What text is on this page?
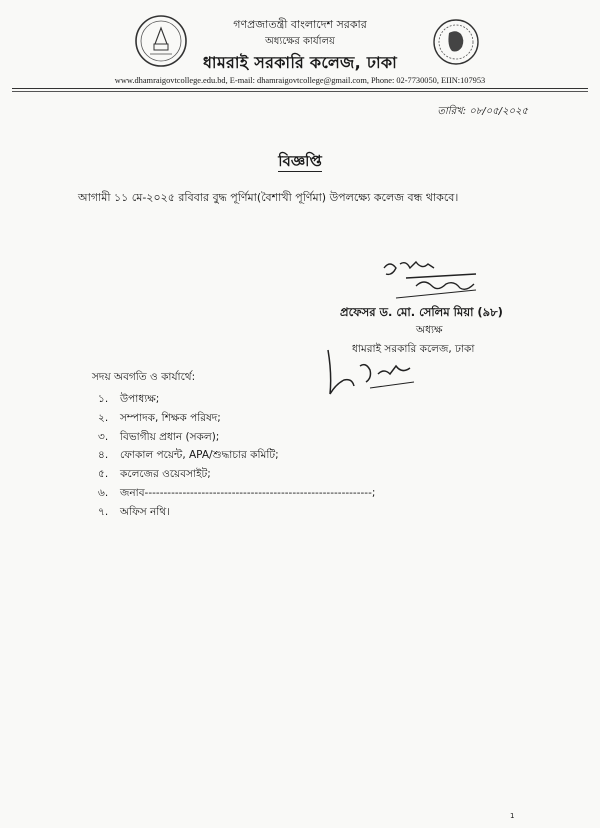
গণপ্রজাতন্ত্রী বাংলাদেশ সরকার
অধ্যক্ষের কার্যালয়
ধামরাই সরকারি কলেজ, ঢাকা
www.dhamraigovtcollege.edu.bd, E-mail: dhamraigovtcollege@gmail.com, Phone: 02-7730050, EIIN:107953
তারিখ: ০৮/০৫/২০২৫
বিজ্ঞপ্তি
আগামী ১১ মে-২০২৫ রবিবার বুদ্ধ পূর্ণিমা(বৈশাখী পূর্ণিমা) উপলক্ষ্যে কলেজ বন্ধ থাকবে।
প্রফেসর ড. মো. সেলিম মিয়া (৯৮)
অধ্যক্ষ
ধামরাই সরকারি কলেজ, ঢাকা
সদয় অবগতি ও কার্যার্থে:
১. উপাধ্যক্ষ;
২. সম্পাদক, শিক্ষক পরিষদ;
৩. বিভাগীয় প্রধান (সকল);
৪. ফোকাল পয়েন্ট, APA/শুদ্ধাচার কমিটি;
৫. কলেজের ওয়েবসাইট;
৬. জনাব------------------------------------------------------------;
৭. অফিস নথি।
1
